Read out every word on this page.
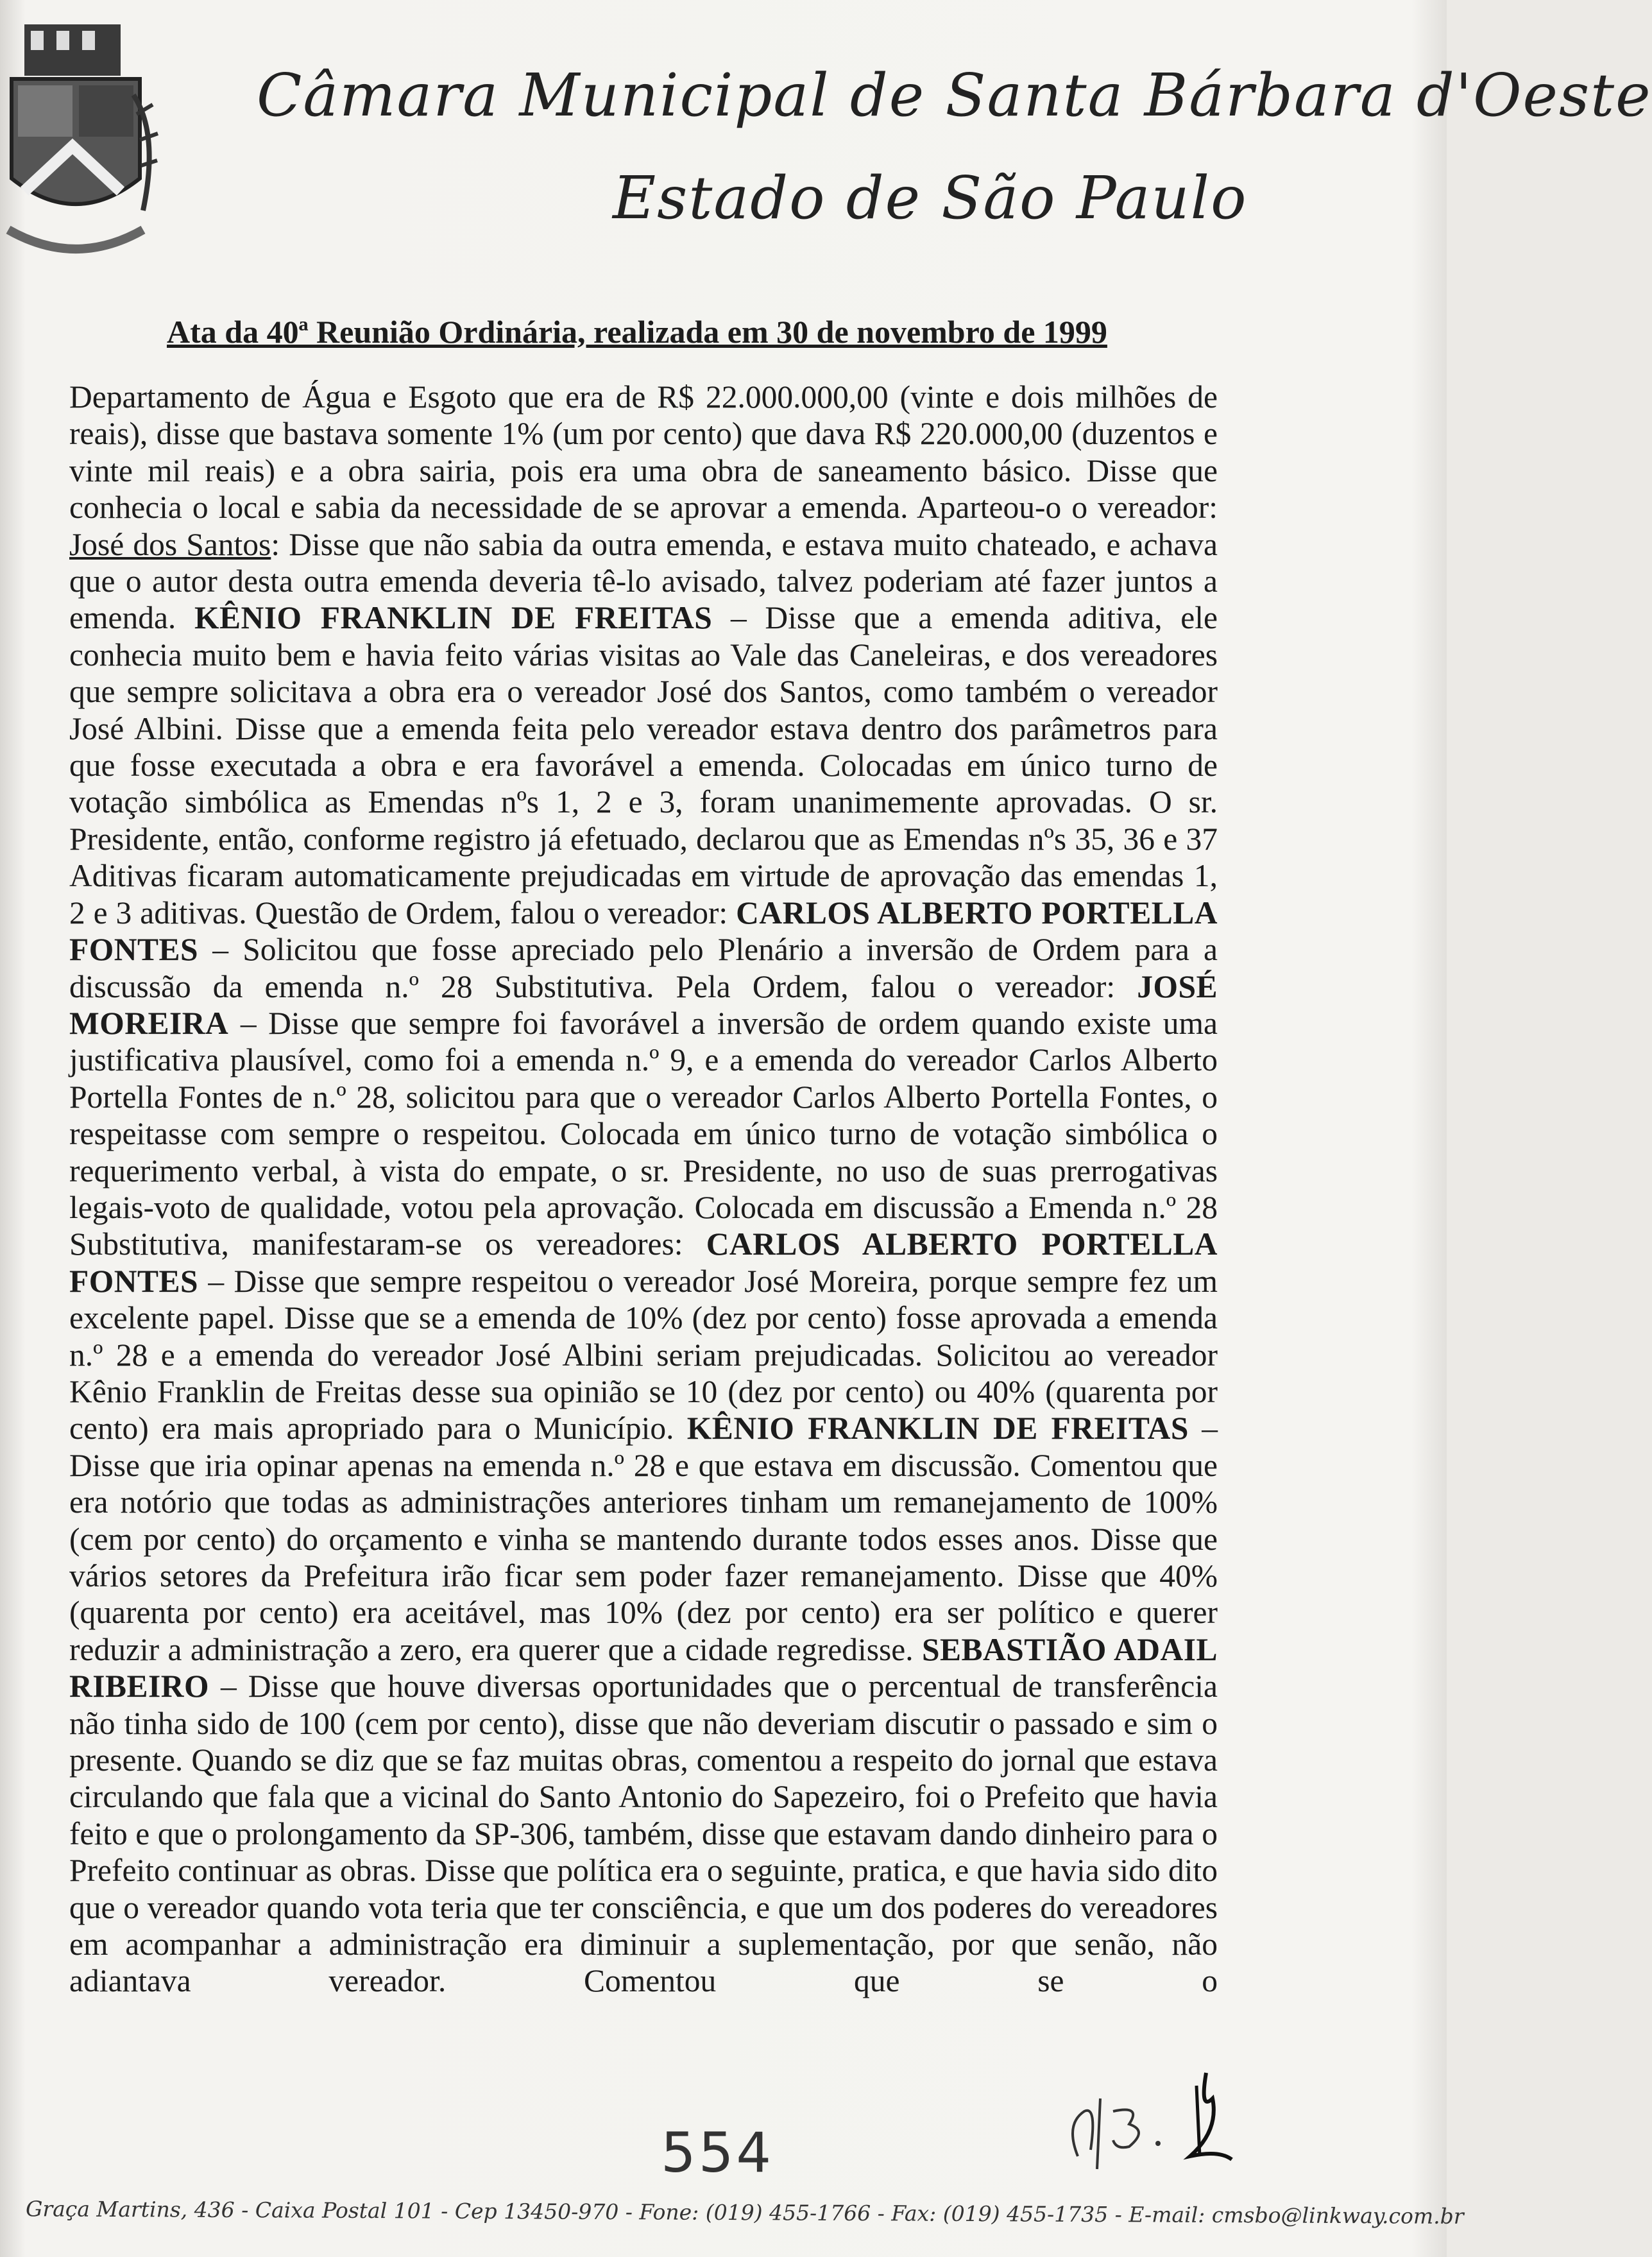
Câmara Municipal de Santa Bárbara d'Oeste
Estado de São Paulo
Ata da 40ª Reunião Ordinária, realizada em 30 de novembro de 1999
Departamento de Água e Esgoto que era de R$ 22.000.000,00 (vinte e dois milhões de reais), disse que bastava somente 1% (um por cento) que dava R$ 220.000,00 (duzentos e vinte mil reais) e a obra sairia, pois era uma obra de saneamento básico. Disse que conhecia o local e sabia da necessidade de se aprovar a emenda. Aparteou-o o vereador: José dos Santos: Disse que não sabia da outra emenda, e estava muito chateado, e achava que o autor desta outra emenda deveria tê-lo avisado, talvez poderiam até fazer juntos a emenda. KÊNIO FRANKLIN DE FREITAS – Disse que a emenda aditiva, ele conhecia muito bem e havia feito várias visitas ao Vale das Caneleiras, e dos vereadores que sempre solicitava a obra era o vereador José dos Santos, como também o vereador José Albini. Disse que a emenda feita pelo vereador estava dentro dos parâmetros para que fosse executada a obra e era favorável a emenda. Colocadas em único turno de votação simbólica as Emendas nºs 1, 2 e 3, foram unanimemente aprovadas. O sr. Presidente, então, conforme registro já efetuado, declarou que as Emendas nºs 35, 36 e 37 Aditivas ficaram automaticamente prejudicadas em virtude de aprovação das emendas 1, 2 e 3 aditivas. Questão de Ordem, falou o vereador: CARLOS ALBERTO PORTELLA FONTES – Solicitou que fosse apreciado pelo Plenário a inversão de Ordem para a discussão da emenda n.º 28 Substitutiva. Pela Ordem, falou o vereador: JOSÉ MOREIRA – Disse que sempre foi favorável a inversão de ordem quando existe uma justificativa plausível, como foi a emenda n.º 9, e a emenda do vereador Carlos Alberto Portella Fontes de n.º 28, solicitou para que o vereador Carlos Alberto Portella Fontes, o respeitasse com sempre o respeitou. Colocada em único turno de votação simbólica o requerimento verbal, à vista do empate, o sr. Presidente, no uso de suas prerrogativas legais-voto de qualidade, votou pela aprovação. Colocada em discussão a Emenda n.º 28 Substitutiva, manifestaram-se os vereadores: CARLOS ALBERTO PORTELLA FONTES – Disse que sempre respeitou o vereador José Moreira, porque sempre fez um excelente papel. Disse que se a emenda de 10% (dez por cento) fosse aprovada a emenda n.º 28 e a emenda do vereador José Albini seriam prejudicadas. Solicitou ao vereador Kênio Franklin de Freitas desse sua opinião se 10 (dez por cento) ou 40% (quarenta por cento) era mais apropriado para o Município. KÊNIO FRANKLIN DE FREITAS – Disse que iria opinar apenas na emenda n.º 28 e que estava em discussão. Comentou que era notório que todas as administrações anteriores tinham um remanejamento de 100% (cem por cento) do orçamento e vinha se mantendo durante todos esses anos. Disse que vários setores da Prefeitura irão ficar sem poder fazer remanejamento. Disse que 40% (quarenta por cento) era aceitável, mas 10% (dez por cento) era ser político e querer reduzir a administração a zero, era querer que a cidade regredisse. SEBASTIÃO ADAIL RIBEIRO – Disse que houve diversas oportunidades que o percentual de transferência não tinha sido de 100 (cem por cento), disse que não deveriam discutir o passado e sim o presente. Quando se diz que se faz muitas obras, comentou a respeito do jornal que estava circulando que fala que a vicinal do Santo Antonio do Sapezeiro, foi o Prefeito que havia feito e que o prolongamento da SP-306, também, disse que estavam dando dinheiro para o Prefeito continuar as obras. Disse que política era o seguinte, pratica, e que havia sido dito que o vereador quando vota teria que ter consciência, e que um dos poderes do vereadores em acompanhar a administração era diminuir a suplementação, por que senão, não adiantava vereador. Comentou que se o
554
Graça Martins, 436 - Caixa Postal 101 - Cep 13450-970 - Fone: (019) 455-1766 - Fax: (019) 455-1735 - E-mail: cmsbo@linkway.com.br
